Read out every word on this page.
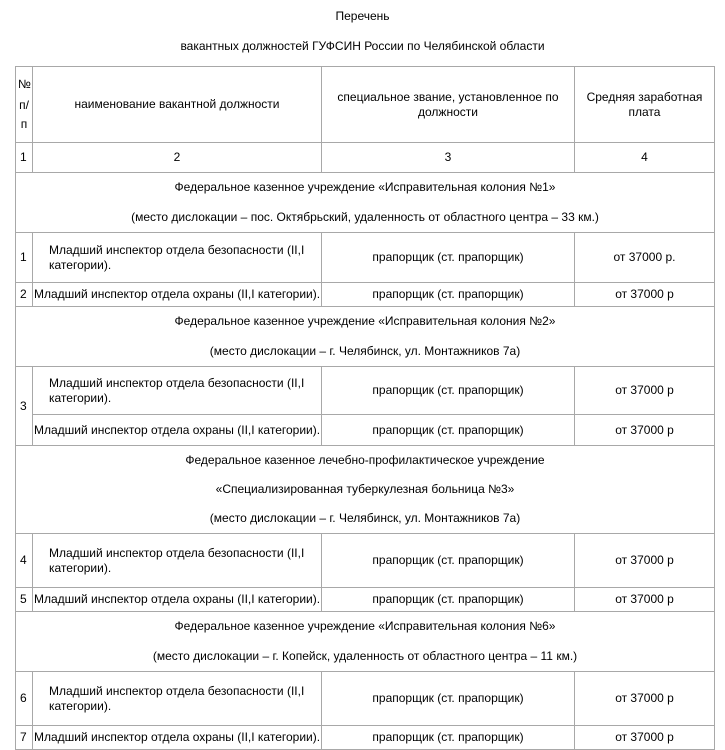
Перечень
вакантных должностей ГУФСИН России по Челябинской области
№
п/
п	наименование вакантной должности	специальное звание, установленное по должности	Средняя заработная плата
1	2	3	4

Федеральное казенное учреждение «Исправительная колония №1»

(место дислокации – пос. Октябрьский, удаленность от областного центра – 33 км.)			

1	Младший инспектор отдела безопасности (II,I категории).	прапорщик (ст. прапорщик)	от 37000 р.
2	Младший инспектор отдела охраны (II,I категории).	прапорщик (ст. прапорщик)	от 37000 р

Федеральное казенное учреждение «Исправительная колония №2»

(место дислокации – г. Челябинск, ул. Монтажников 7а)			

3	Младший инспектор отдела безопасности (II,I категории).	прапорщик (ст. прапорщик)	от 37000 р
	Младший инспектор отдела охраны (II,I категории).	прапорщик (ст. прапорщик)	от 37000 р

Федеральное казенное лечебно-профилактическое учреждение

«Специализированная туберкулезная больница №3»

(место дислокации – г. Челябинск, ул. Монтажников 7а)			

4	Младший инспектор отдела безопасности (II,I категории).	прапорщик (ст. прапорщик)	от 37000 р
5	Младший инспектор отдела охраны (II,I категории).	прапорщик (ст. прапорщик)	от 37000 р

Федеральное казенное учреждение «Исправительная колония №6»

(место дислокации – г. Копейск, удаленность от областного центра – 11 км.)			

6	Младший инспектор отдела безопасности (II,I категории).	прапорщик (ст. прапорщик)	от 37000 р
7	Младший инспектор отдела охраны (II,I категории).	прапорщик (ст. прапорщик)	от 37000 р
